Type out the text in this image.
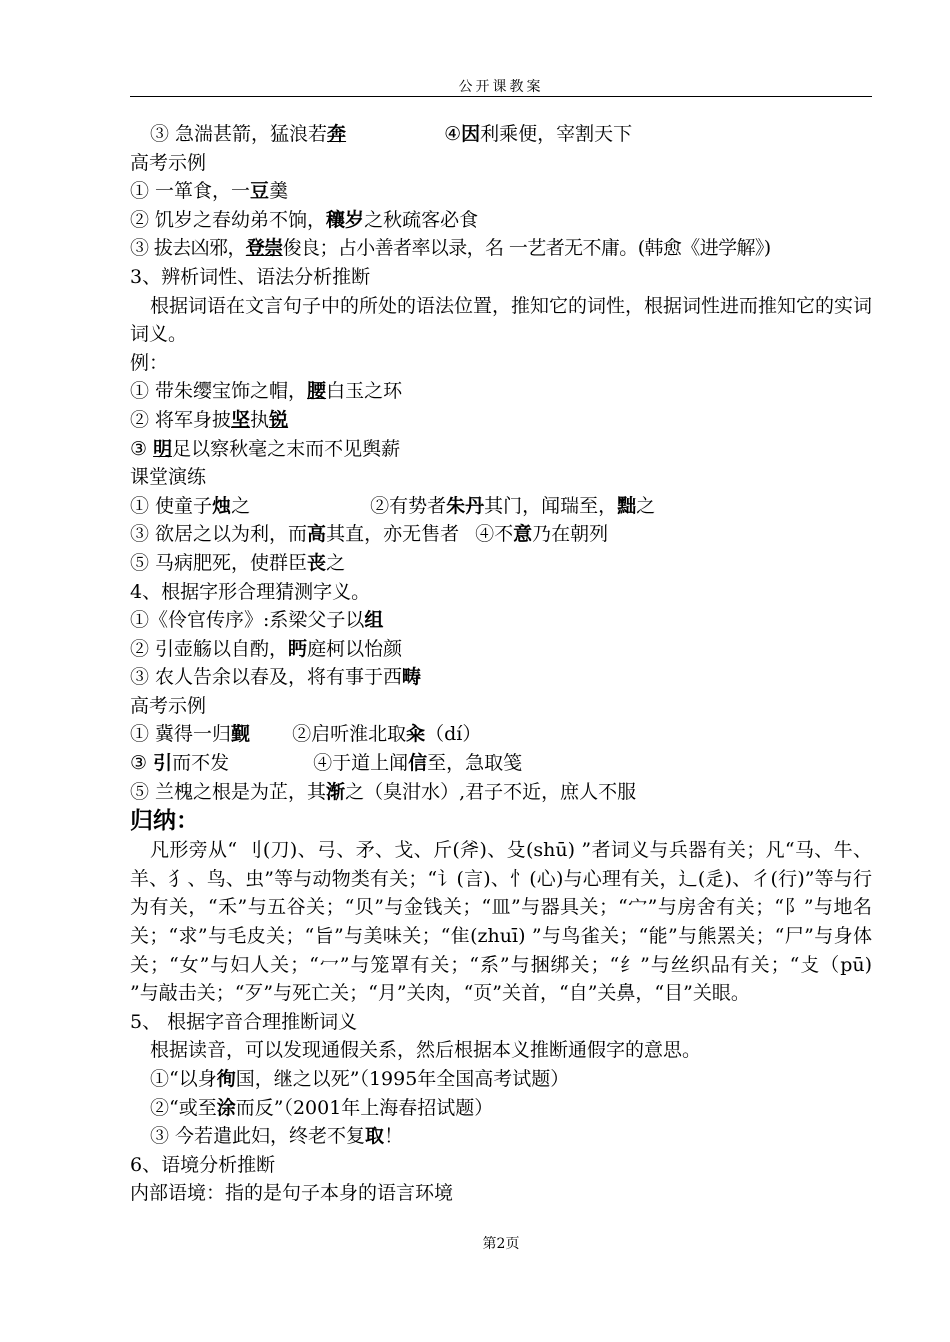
公开课教案
③ 急湍甚箭，猛浪若奔	④因利乘便，宰割天下
高考示例
① 一箪食，一豆羹
② 饥岁之春幼弟不饷，穰岁之秋疏客必食
③ 拔去凶邪，登崇俊良；占小善者率以录，名 一艺者无不庸。(韩愈《进学解》)
3、辨析词性、语法分析推断
根据词语在文言句子中的所处的语法位置，推知它的词性，根据词性进而推知它的实词词义。
例：
① 带朱缨宝饰之帽，腰白玉之环
② 将军身披坚执锐
③ 明足以察秋毫之末而不见舆薪
课堂演练
① 使童子烛之	②有势者朱丹其门，闻瑞至，黜之
③ 欲居之以为利，而高其直，亦无售者 ④不意乃在朝列
⑤ 马病肥死，使群臣丧之
4、根据字形合理猜测字义。
①《伶官传序》:系梁父子以组
② 引壶觞以自酌，眄庭柯以怡颜
③ 农人告余以春及，将有事于西畴
高考示例
① 冀得一归觐 ②启听淮北取籴（dí）
③ 引而不发	④于道上闻信至，急取笺
⑤ 兰槐之根是为芷，其渐之（臭泔水）,君子不近，庶人不服
归纳：
凡形旁从“ 刂(刀)、弓、矛、戈、斤(斧)、殳(shū) ”者词义与兵器有关；凡“马、牛、羊、犭、鸟、虫”等与动物类有关；“讠(言)、忄(心)与心理有关，辶(辵)、彳(行)”等与行为有关，“禾”与五谷关；“贝”与金钱关；“皿”与器具关；“宀”与房舍有关；“阝”与地名关；“求”与毛皮关；“旨”与美味关；“隹(zhuī) ”与鸟雀关；“能”与熊罴关；“尸”与身体关；“女”与妇人关；“冖”与笼罩有关；“系”与捆绑关；“纟”与丝织品有关；“攴（pū) ”与敲击关；“歹”与死亡关；“月”关肉，“页”关首，“自”关鼻，“目”关眼。
5、 根据字音合理推断词义
根据读音，可以发现通假关系，然后根据本义推断通假字的意思。
①“以身徇国，继之以死”（1995年全国高考试题）
②“或至涂而反”（2001年上海春招试题）
③ 今若遣此妇，终老不复取！
6、语境分析推断
内部语境：指的是句子本身的语言环境
第2页
